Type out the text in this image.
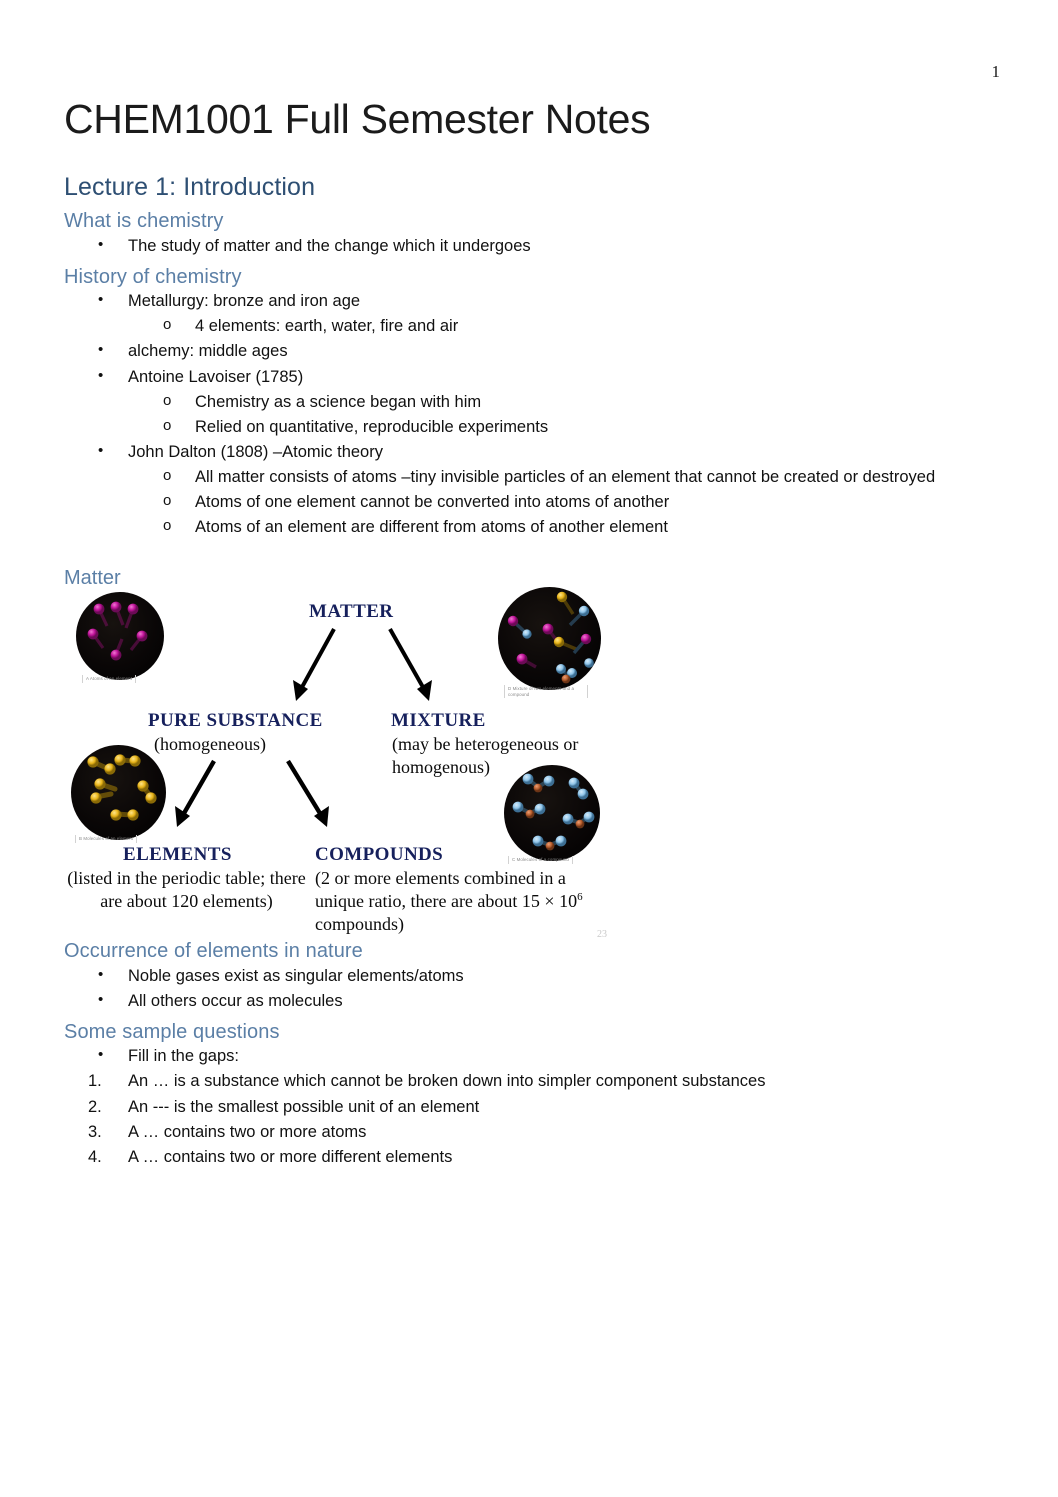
1
CHEM1001 Full Semester Notes
Lecture 1: Introduction
What is chemistry
• The study of matter and the change which it undergoes
History of chemistry
• Metallurgy: bronze and iron age
o 4 elements: earth, water, fire and air
• alchemy: middle ages
• Antoine Lavoiser (1785)
o Chemistry as a science began with him
o Relied on quantitative, reproducible experiments
• John Dalton (1808) –Atomic theory
o All matter consists of atoms –tiny invisible particles of an element that cannot be created or destroyed
o Atoms of one element cannot be converted into atoms of another
o Atoms of an element are different from atoms of another element
Matter
A Atoms of an element
D Mixture of two elements and a compound
B Molecules of an element
C Molecules of a compound
MATTER
PURE SUBSTANCE
(homogeneous)
MIXTURE
(may be heterogeneous or homogenous)
ELEMENTS
(listed in the periodic table; there are about 120 elements)
COMPOUNDS
(2 or more elements combined in a
unique ratio, there are about $15 \times 10^6$
compounds)
23
Occurrence of elements in nature
• Noble gases exist as singular elements/atoms
• All others occur as molecules
Some sample questions
• Fill in the gaps:
1.	An … is a substance which cannot be broken down into simpler component substances
2.	An --- is the smallest possible unit of an element
3.	A … contains two or more atoms
4.	A … contains two or more different elements
